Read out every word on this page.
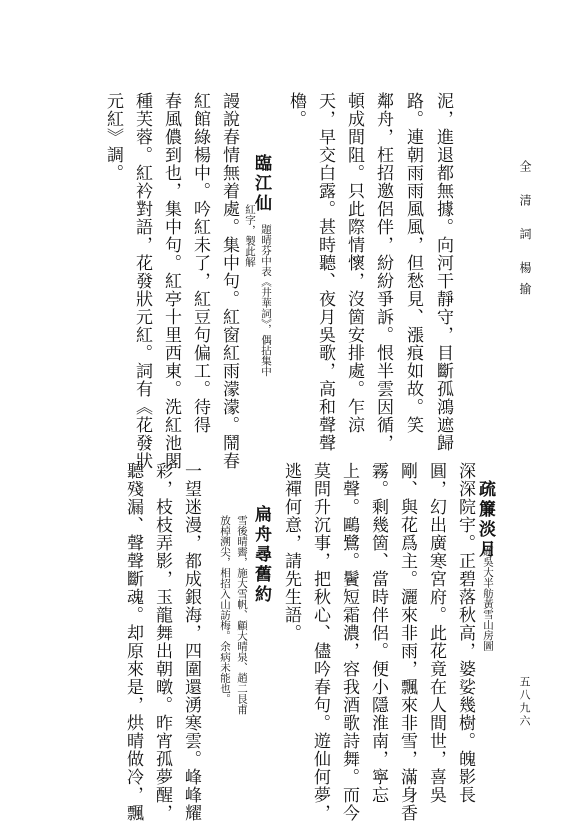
全 清 詞 楊揄
五八九六
泥，進退都無據。向河干靜守，目斷孤鴻遮歸
路。連朝雨雨風風，但愁見、漲痕如故。笑
鄰舟，枉招邀侶伴，紛紛爭訴。恨半雲因循，
頓成間阻。只此際情懷，沒箇安排處。乍涼
天，早交白露。甚時聽、夜月吳歌，高和聲聲
櫓。
臨江仙
題晴芬中表《井華詞》，偶拈集中
紅字，製此解
謾說春情無着處。集中句。紅窗紅雨濛濛。鬧春
紅館綠楊中。吟紅未了，紅豆句偏工。待得
春風儂到也，集中句。紅亭十里西東。洗紅池閣
種芙蓉。紅衿對語，花發狀元紅。詞有《花發狀
元紅》調。
疏簾淡月
題吳大半舫黃雪山房圖
深深院宇。正碧落秋高，婆娑幾樹。魄影長
圓，幻出廣寒宮府。此花竟在人間世，喜吳
剛、與花爲主。灑來非雨，飄來非雪，滿身香
霧。剩幾箇、當時伴侶。便小隱淮南，寧忘
上聲。鷗鷺。鬢短霜濃，容我酒歌詩舞。而今
莫問升沉事，把秋心、儘吟春句。遊仙何夢，
逃禪何意，請先生語。
扁舟尋舊約
雪後晴霽，施大雪帆、顧大晴泉、趙二艮甫
放棹溯尖，相招入山訪梅。余病未能也。
一望迷漫，都成銀海，四圍還湧寒雲。峰峰耀
彩，枝枝弄影，玉龍舞出朝暾。昨宵孤夢醒，
聽殘漏、聲聲斷魂。却原來是，烘晴做冷，飄
